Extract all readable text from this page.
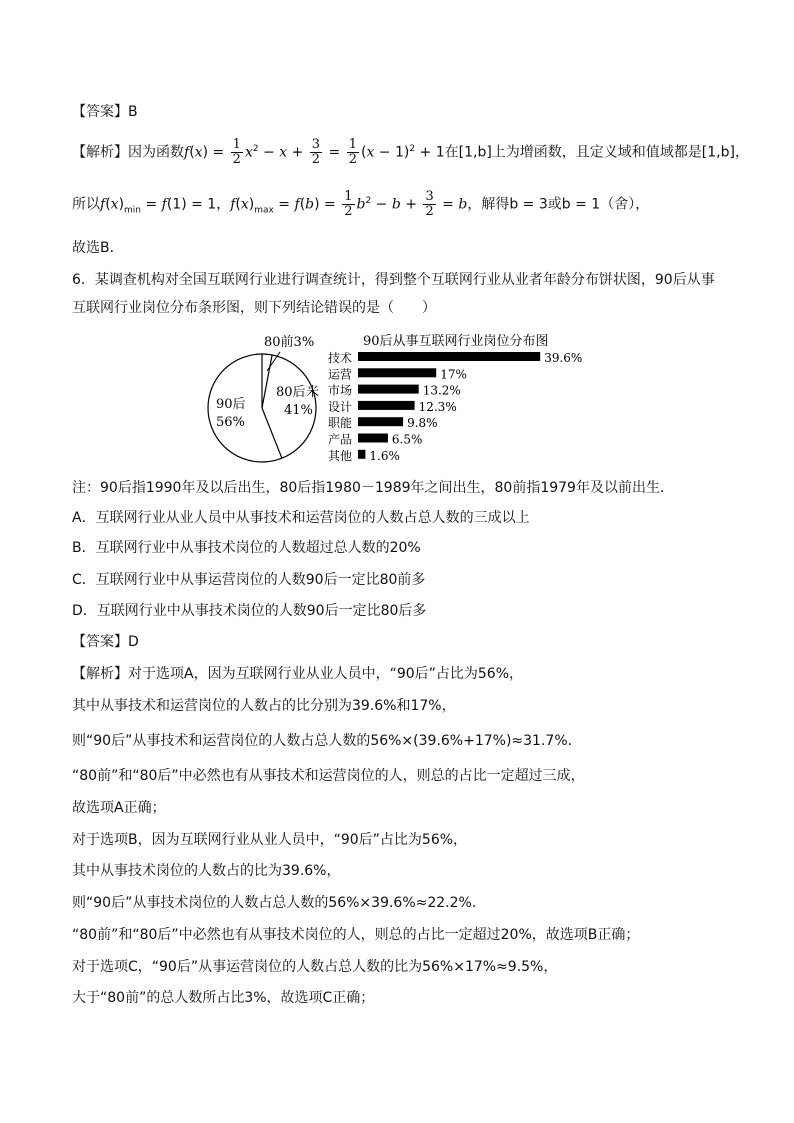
【答案】B
【解析】因为函数$f(x) = \frac{1}{2} x^2 - x + \frac{3}{2} = \frac{1}{2} (x - 1)^2 + 1$在[1,b]上为增函数，且定义域和值域都是[1,b]，
所以$f(x)_{min} = f(1) = 1$，$f(x)_{max} = f(b) = \frac{1}{2} b^2 - b + \frac{3}{2} = b$，解得b = 3或b = 1（舍），
故选B．
6．某调查机构对全国互联网行业进行调查统计，得到整个互联网行业从业者年龄分布饼状图，90后从事
互联网行业岗位分布条形图，则下列结论错误的是（　　）
80前3%
80后 米
41%
90后
56%
90后从事互联网行业岗位分布图
技术	39.6%
运营	17%
市场	13.2%
设计	12.3%
职能	9.8%
产品	6.5%
其他 1.6%
注：90后指1990年及以后出生，80后指1980－1989年之间出生，80前指1979年及以前出生．
A．互联网行业从业人员中从事技术和运营岗位的人数占总人数的三成以上
B．互联网行业中从事技术岗位的人数超过总人数的20%
C．互联网行业中从事运营岗位的人数90后一定比80前多
D．互联网行业中从事技术岗位的人数90后一定比80后多
【答案】D
【解析】对于选项A，因为互联网行业从业人员中，“90后”占比为56%，
其中从事技术和运营岗位的人数占的比分别为39.6%和17%，
则“90后”从事技术和运营岗位的人数占总人数的56%×(39.6%+17%)≈31.7%．
“80前”和“80后”中必然也有从事技术和运营岗位的人，则总的占比一定超过三成，
故选项A正确；
对于选项B，因为互联网行业从业人员中，“90后”占比为56%，
其中从事技术岗位的人数占的比为39.6%，
则“90后”从事技术岗位的人数占总人数的56%×39.6%≈22.2%．
“80前”和“80后”中必然也有从事技术岗位的人，则总的占比一定超过20%，故选项B正确；
对于选项C，“90后”从事运营岗位的人数占总人数的比为56%×17%≈9.5%，
大于“80前”的总人数所占比3%，故选项C正确；
